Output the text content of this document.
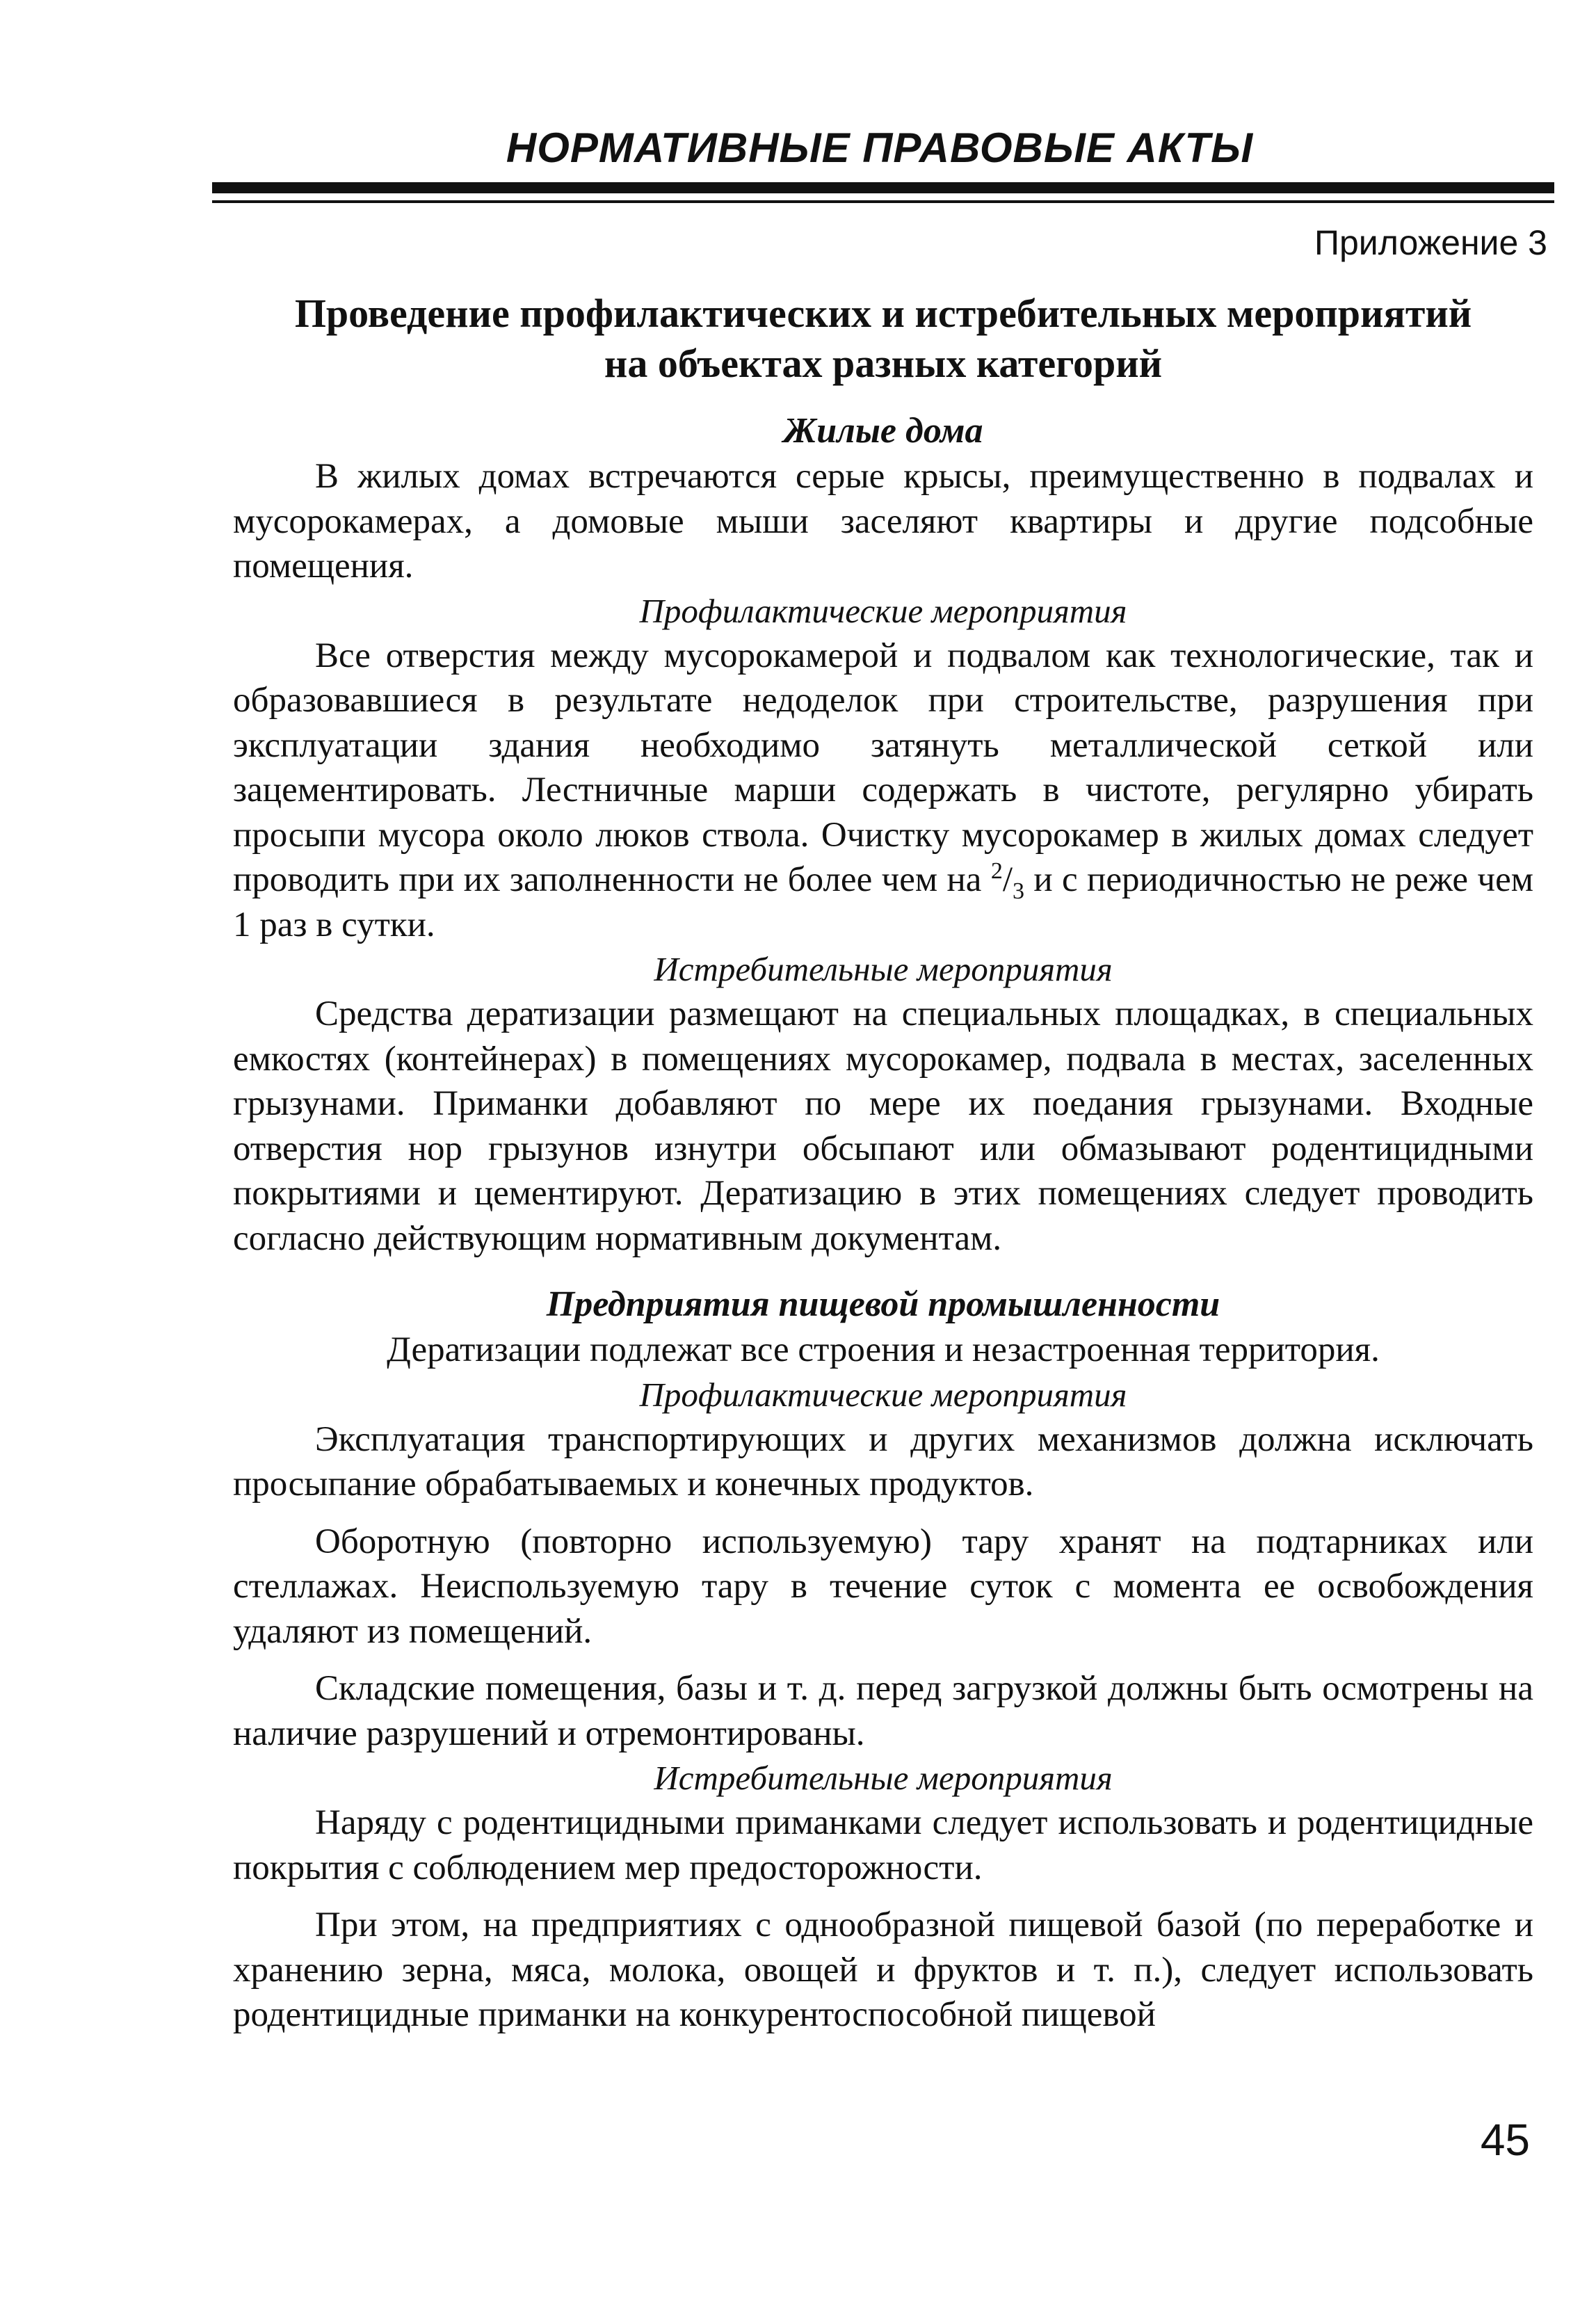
НОРМАТИВНЫЕ ПРАВОВЫЕ АКТЫ
Приложение 3
Проведение профилактических и истребительных мероприятий
на объектах разных категорий
Жилые дома

В жилых домах встречаются серые крысы, преимущественно в подвалах и мусорокамерах, а домовые мыши заселяют квартиры и другие подсобные помещения.

Профилактические мероприятия

Все отверстия между мусорокамерой и подвалом как технологические, так и образовавшиеся в результате недоделок при строительстве, разрушения при эксплуатации здания необходимо затянуть металлической сеткой или зацементировать. Лестничные марши содержать в чистоте, регулярно убирать просыпи мусора около люков ствола. Очистку мусорокамер в жилых домах следует проводить при их заполненности не более чем на $^2/_3$ и с периодичностью не реже чем 1 раз в сутки.

Истребительные мероприятия

Средства дератизации размещают на специальных площадках, в специальных емкостях (контейнерах) в помещениях мусорокамер, подвала в местах, заселенных грызунами. Приманки добавляют по мере их поедания грызунами. Входные отверстия нор грызунов изнутри обсыпают или обмазывают родентицидными покрытиями и цементируют. Дератизацию в этих помещениях следует проводить согласно действующим нормативным документам.

Предприятия пищевой промышленности

Дератизации подлежат все строения и незастроенная территория.

Профилактические мероприятия

Эксплуатация транспортирующих и других механизмов должна исключать просыпание обрабатываемых и конечных продуктов.

Оборотную (повторно используемую) тару хранят на подтарниках или стеллажах. Неиспользуемую тару в течение суток с момента ее освобождения удаляют из помещений.

Складские помещения, базы и т. д. перед загрузкой должны быть осмотрены на наличие разрушений и отремонтированы.

Истребительные мероприятия

Наряду с родентицидными приманками следует использовать и родентицидные покрытия с соблюдением мер предосторожности.

При этом, на предприятиях с однообразной пищевой базой (по переработке и хранению зерна, мяса, молока, овощей и фруктов и т. п.), следует использовать родентицидные приманки на конкурентоспособной пищевой

45
